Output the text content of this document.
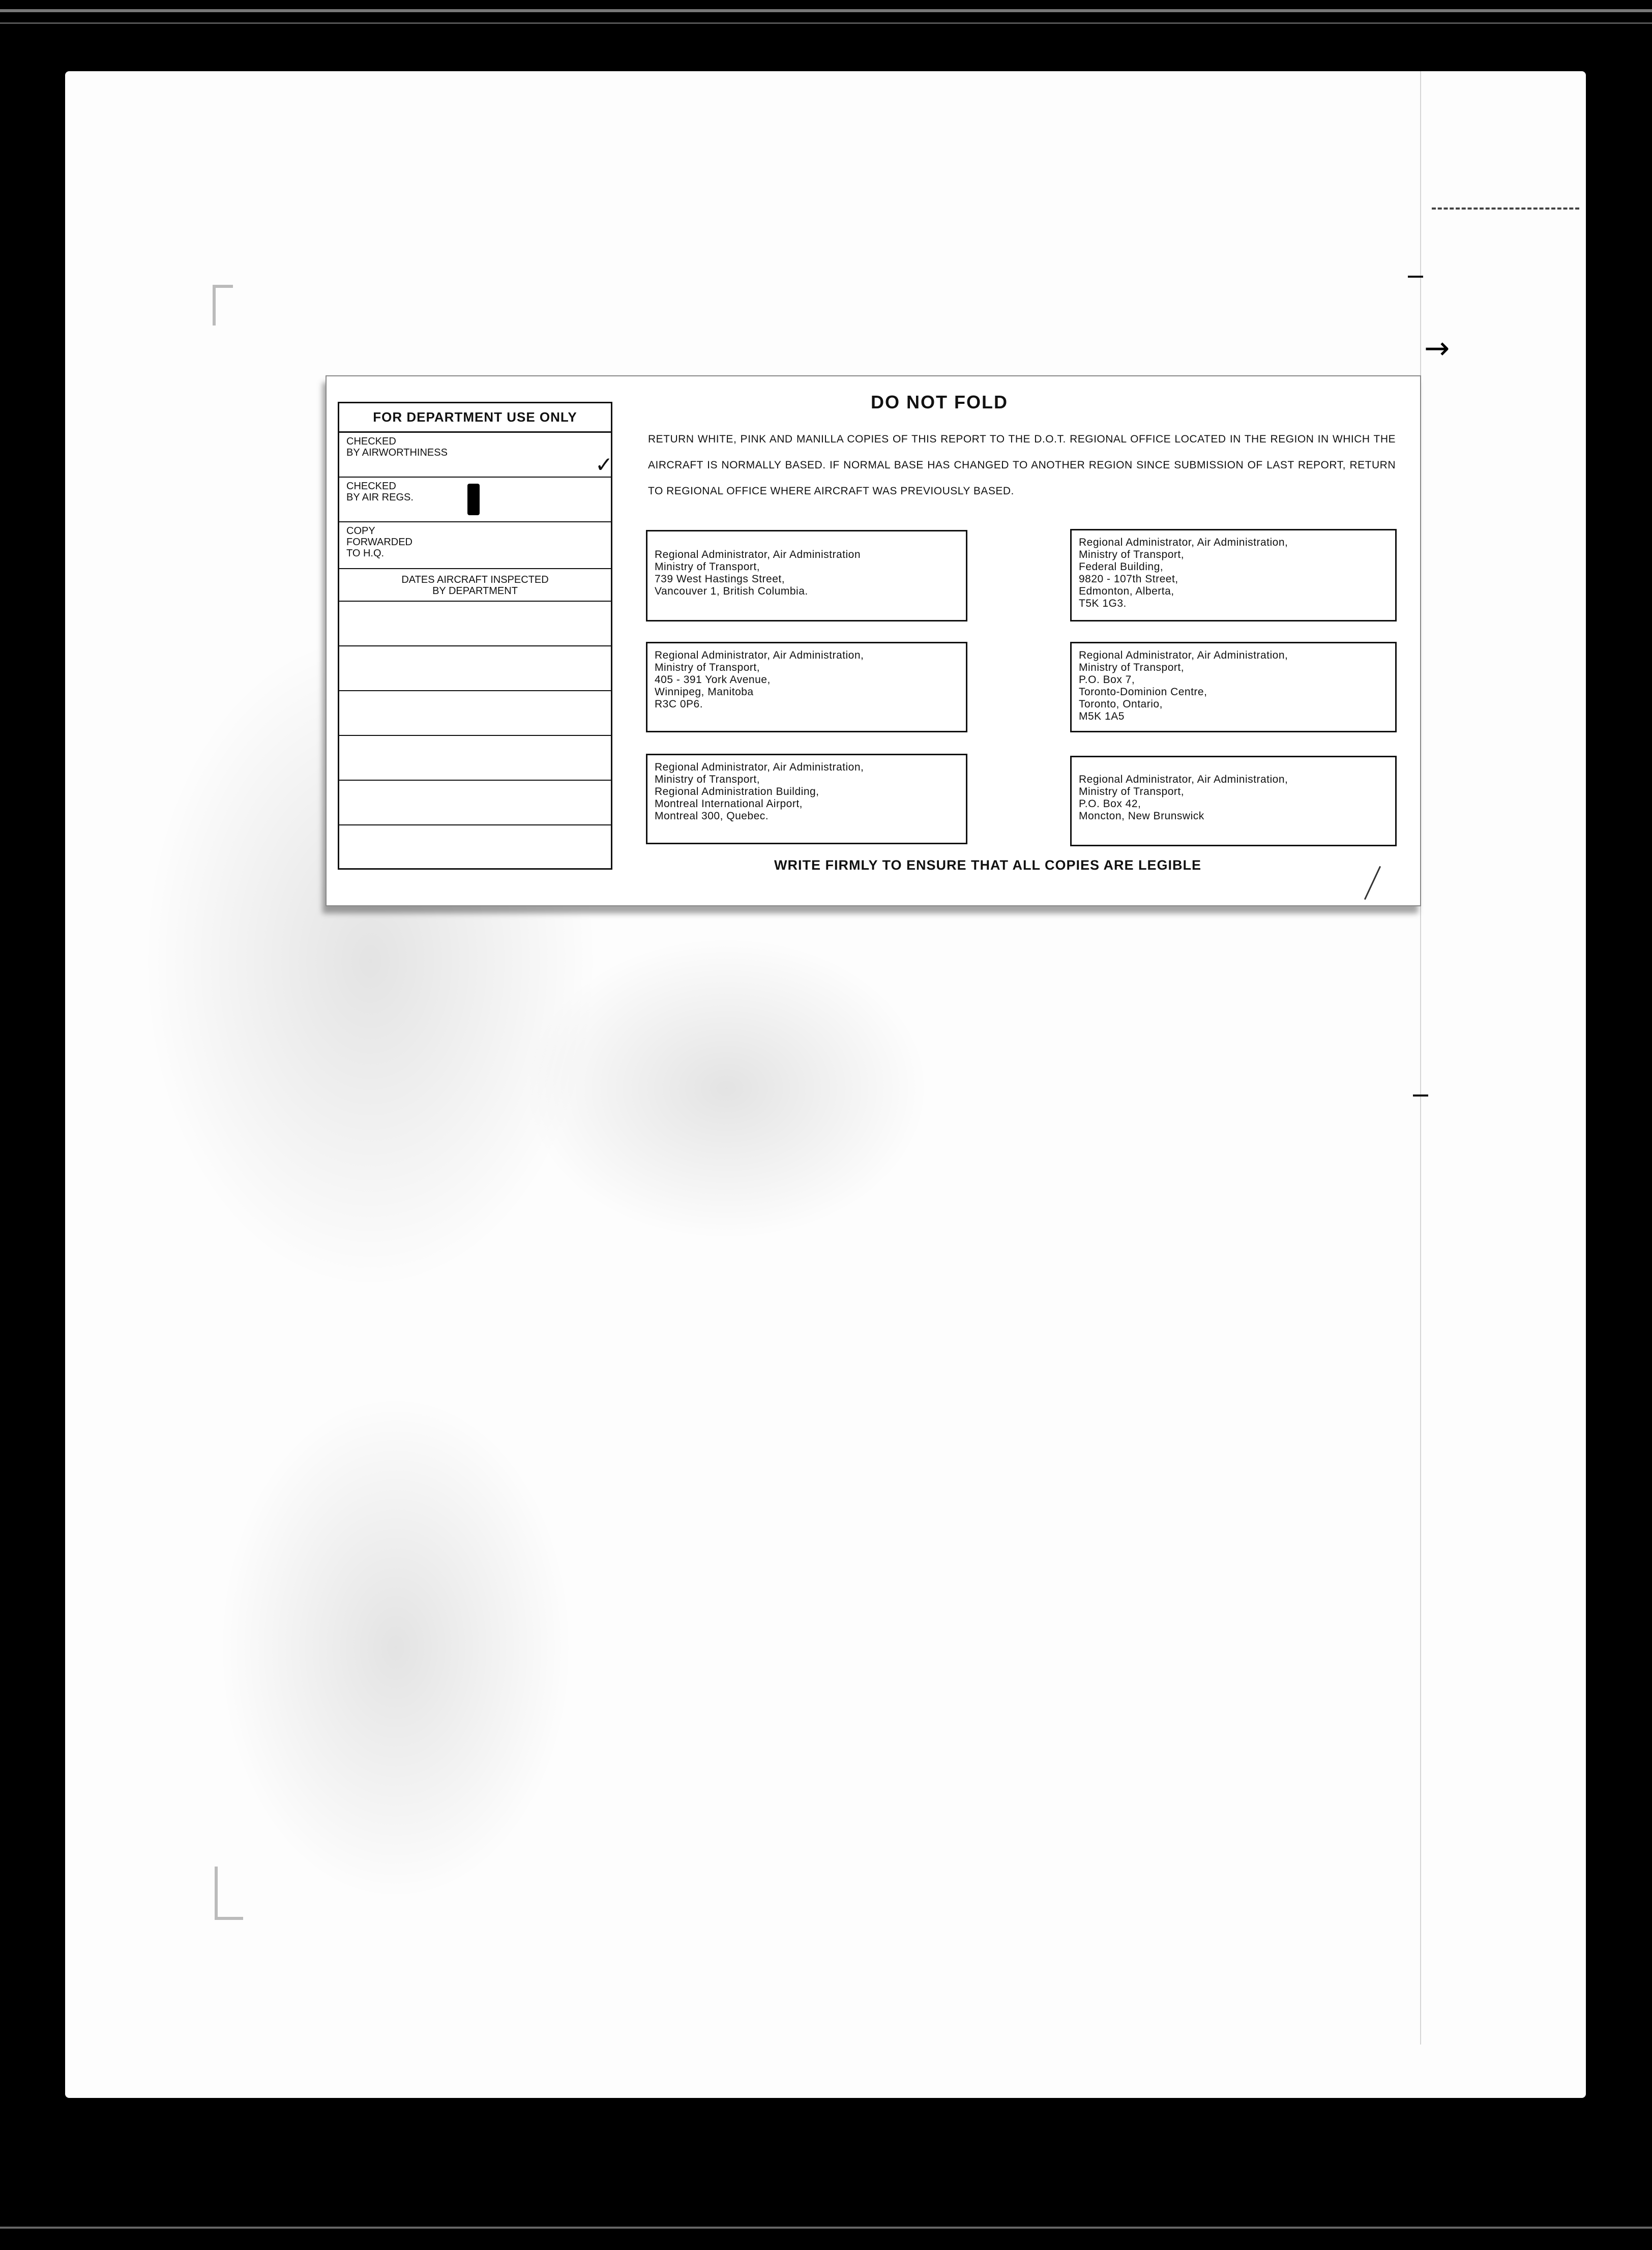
→
FOR DEPARTMENT USE ONLY
CHECKED
BY AIRWORTHINESS
CHECKED
BY AIR REGS.
COPY
FORWARDED
TO H.Q.
DATES AIRCRAFT INSPECTED
BY DEPARTMENT
✓
DO NOT FOLD
RETURN WHITE, PINK AND MANILLA COPIES OF THIS REPORT TO THE D.O.T. REGIONAL OFFICE LOCATED IN THE REGION IN WHICH THE AIRCRAFT IS NORMALLY BASED. IF NORMAL BASE HAS CHANGED TO ANOTHER REGION SINCE SUBMISSION OF LAST REPORT, RETURN TO REGIONAL OFFICE WHERE AIRCRAFT WAS PREVIOUSLY BASED.
Regional Administrator, Air Administration
Ministry of Transport,
739 West Hastings Street,
Vancouver 1, British Columbia.
Regional Administrator, Air Administration,
Ministry of Transport,
Federal Building,
9820 - 107th Street,
Edmonton, Alberta,
T5K 1G3.
Regional Administrator, Air Administration,
Ministry of Transport,
405 - 391 York Avenue,
Winnipeg, Manitoba
R3C 0P6.
Regional Administrator, Air Administration,
Ministry of Transport,
P.O. Box 7,
Toronto-Dominion Centre,
Toronto, Ontario,
M5K 1A5
Regional Administrator, Air Administration,
Ministry of Transport,
Regional Administration Building,
Montreal International Airport,
Montreal 300, Quebec.
Regional Administrator, Air Administration,
Ministry of Transport,
P.O. Box 42,
Moncton, New Brunswick
WRITE FIRMLY TO ENSURE THAT ALL COPIES ARE LEGIBLE
